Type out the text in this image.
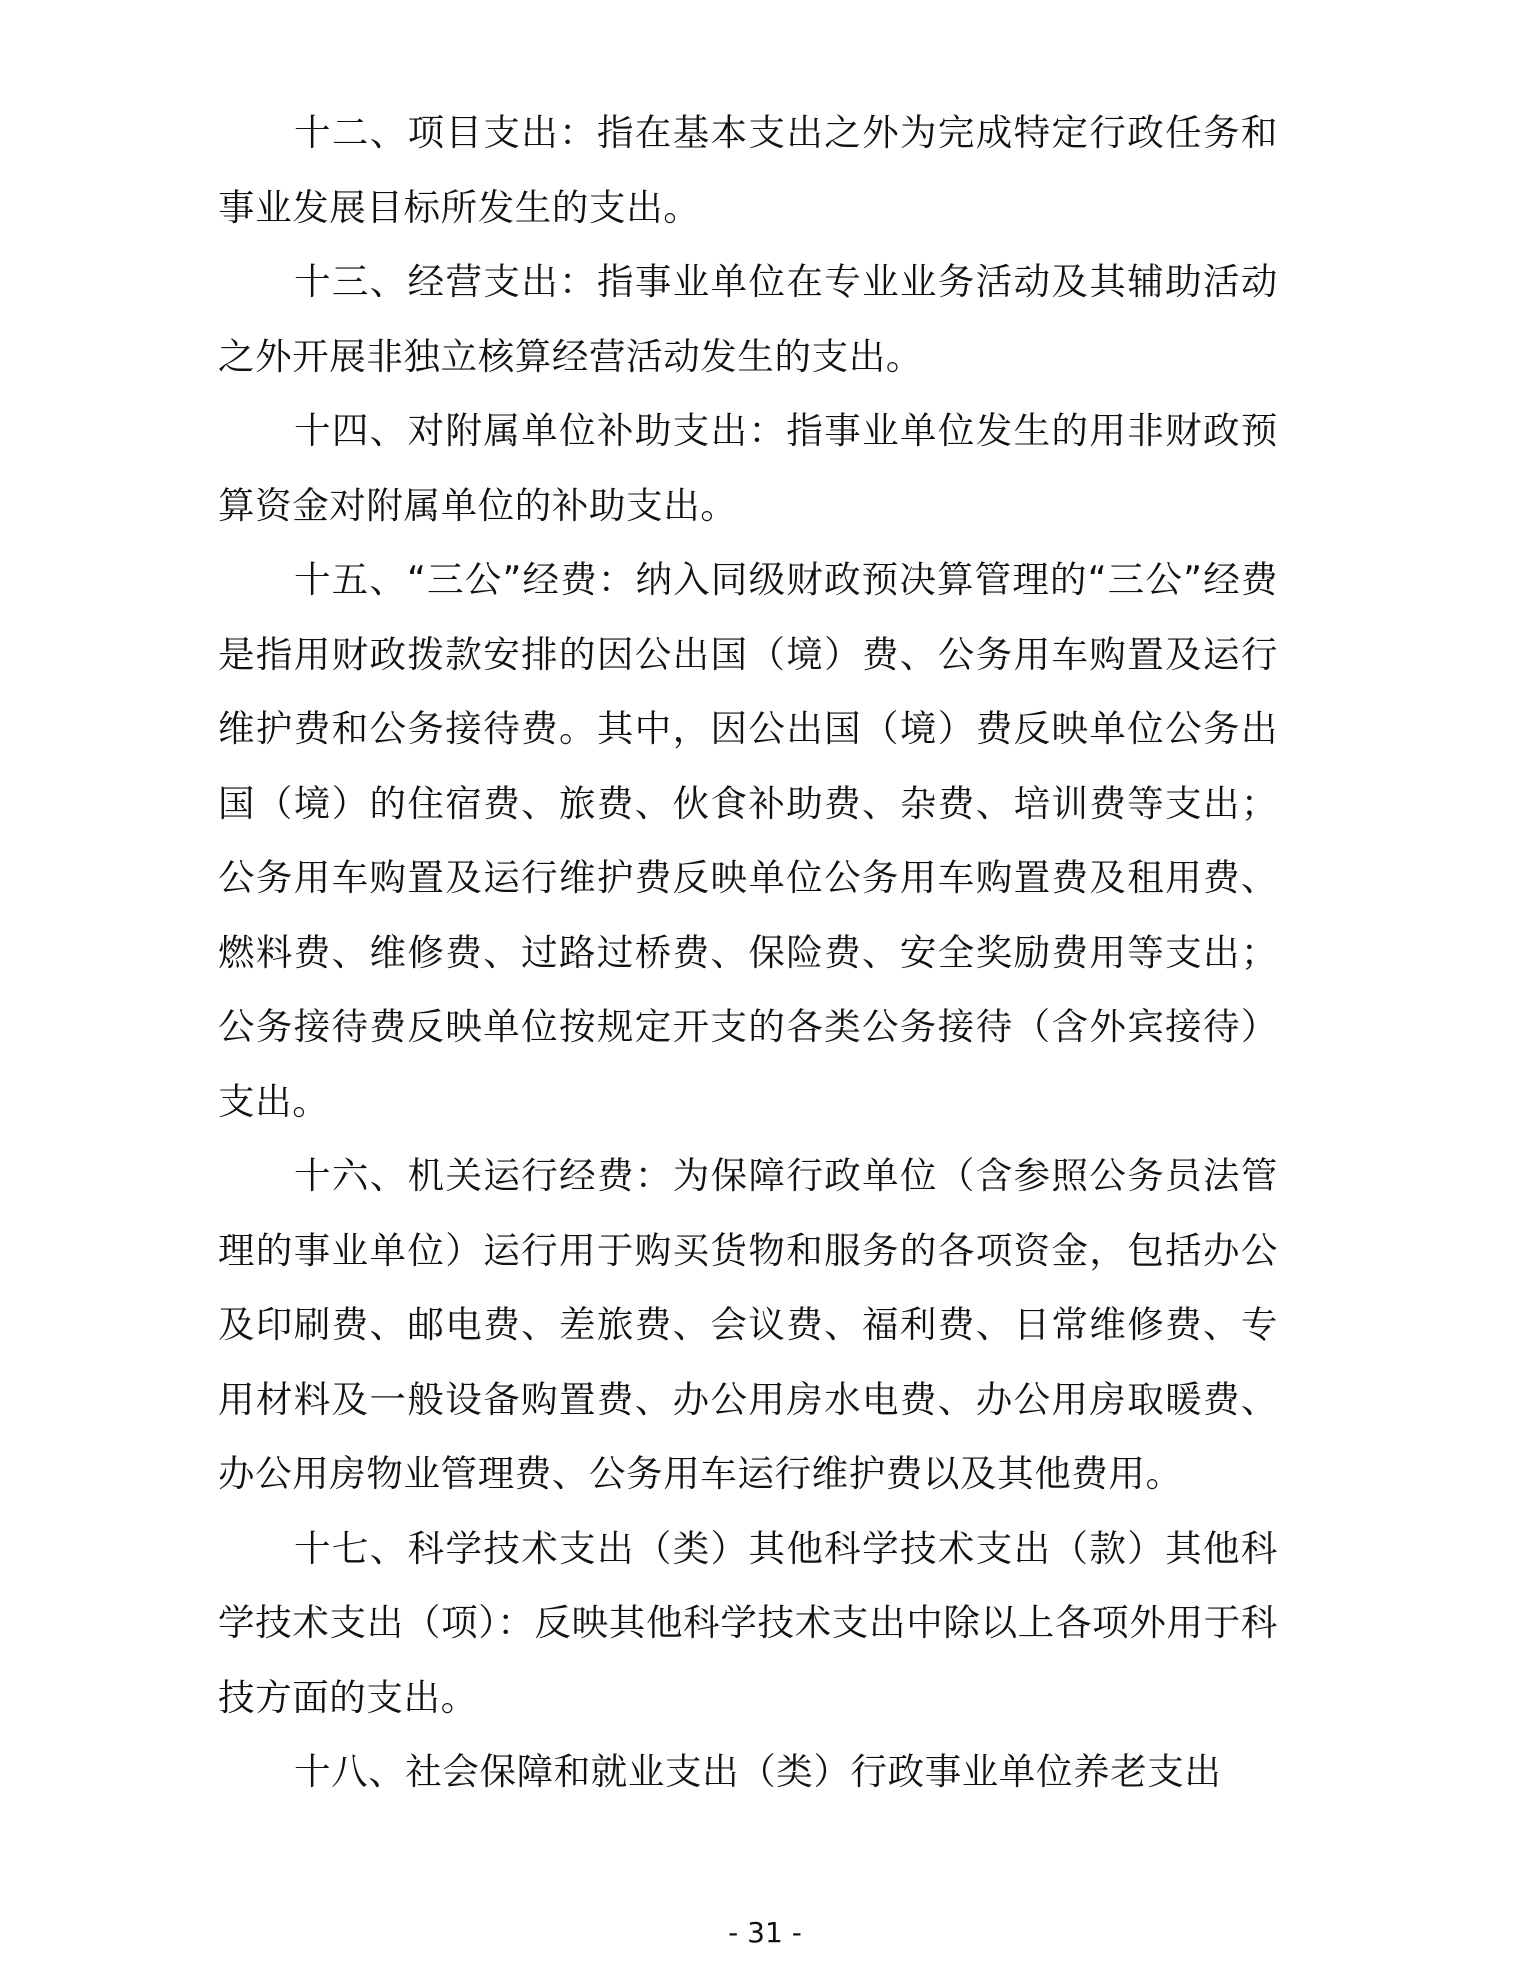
十二、项目支出：指在基本支出之外为完成特定行政任务和事业发展目标所发生的支出。

十三、经营支出：指事业单位在专业业务活动及其辅助活动之外开展非独立核算经营活动发生的支出。

十四、对附属单位补助支出：指事业单位发生的用非财政预算资金对附属单位的补助支出。

十五、“三公”经费：纳入同级财政预决算管理的“三公”经费是指用财政拨款安排的因公出国（境）费、公务用车购置及运行维护费和公务接待费。其中，因公出国（境）费反映单位公务出国（境）的住宿费、旅费、伙食补助费、杂费、培训费等支出；公务用车购置及运行维护费反映单位公务用车购置费及租用费、燃料费、维修费、过路过桥费、保险费、安全奖励费用等支出；公务接待费反映单位按规定开支的各类公务接待（含外宾接待）支出。

十六、机关运行经费：为保障行政单位（含参照公务员法管理的事业单位）运行用于购买货物和服务的各项资金，包括办公及印刷费、邮电费、差旅费、会议费、福利费、日常维修费、专用材料及一般设备购置费、办公用房水电费、办公用房取暖费、办公用房物业管理费、公务用车运行维护费以及其他费用。

十七、科学技术支出（类）其他科学技术支出（款）其他科学技术支出（项）：反映其他科学技术支出中除以上各项外用于科技方面的支出。

十八、社会保障和就业支出（类）行政事业单位养老支出

- 31 -
